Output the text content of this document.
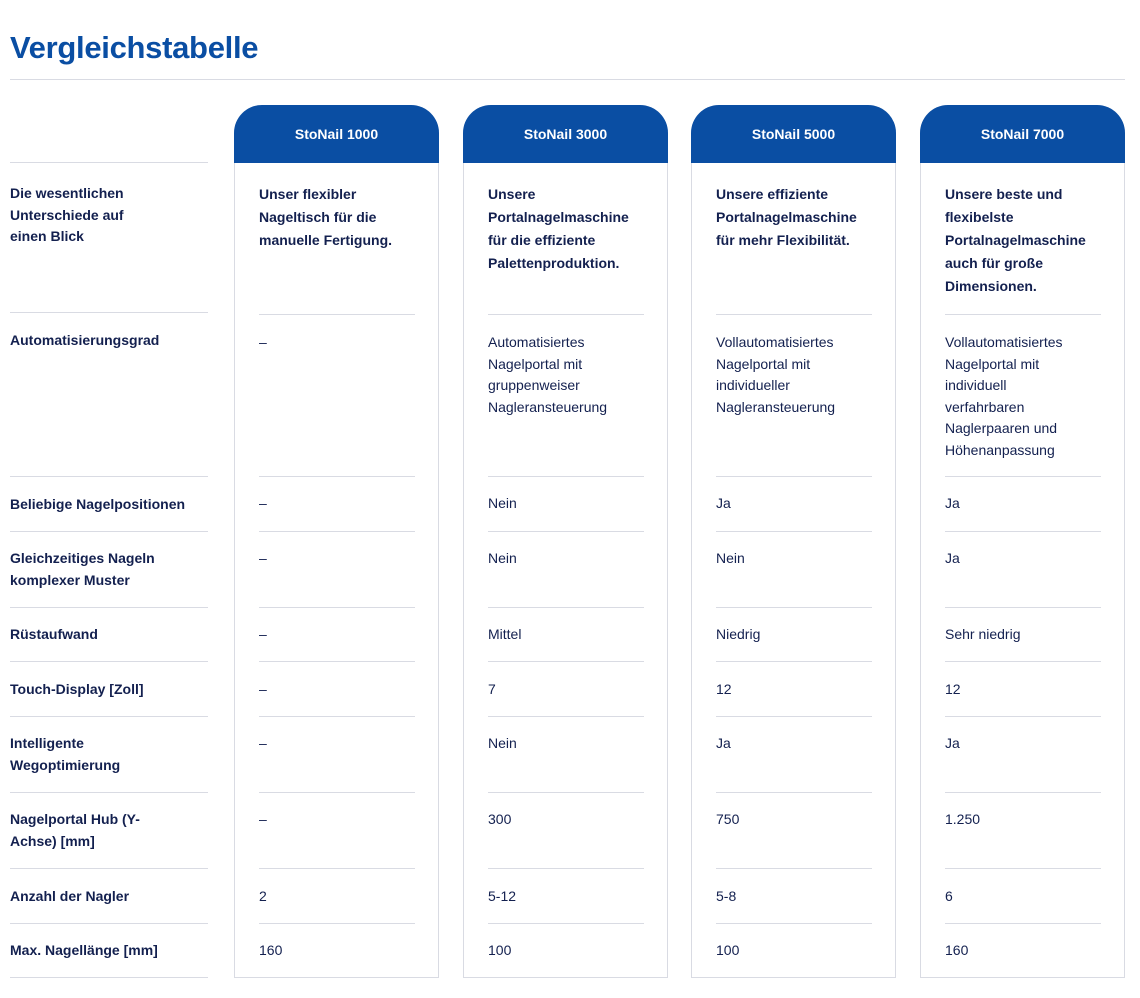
Vergleichstabelle
Die wesentlichen Unterschiede auf einen Blick
Automatisierungsgrad
Beliebige Nagelpositionen
Gleichzeitiges Nageln komplexer Muster
Rüstaufwand
Touch-Display [Zoll]
Intelligente Wegoptimierung
Nagelportal Hub (Y-Achse) [mm]
Anzahl der Nagler
Max. Nagellänge [mm]
StoNail 1000
Unser flexibler Nageltisch für die manuelle Fertigung.
–
–
–
–
–
–
–
2
160
StoNail 3000
Unsere Portalnagelmaschine für die effiziente Palettenproduktion.
Automatisiertes Nagelportal mit gruppenweiser Nagleransteuerung
Nein
Nein
Mittel
7
Nein
300
5-12
100
StoNail 5000
Unsere effiziente Portalnagelmaschine für mehr Flexibilität.
Vollautomatisiertes Nagelportal mit individueller Nagleransteuerung
Ja
Nein
Niedrig
12
Ja
750
5-8
100
StoNail 7000
Unsere beste und flexibelste Portalnagelmaschine auch für große Dimensionen.
Vollautomatisiertes Nagelportal mit individuell verfahrbaren Naglerpaaren und Höhenanpassung
Ja
Ja
Sehr niedrig
12
Ja
1.250
6
160
